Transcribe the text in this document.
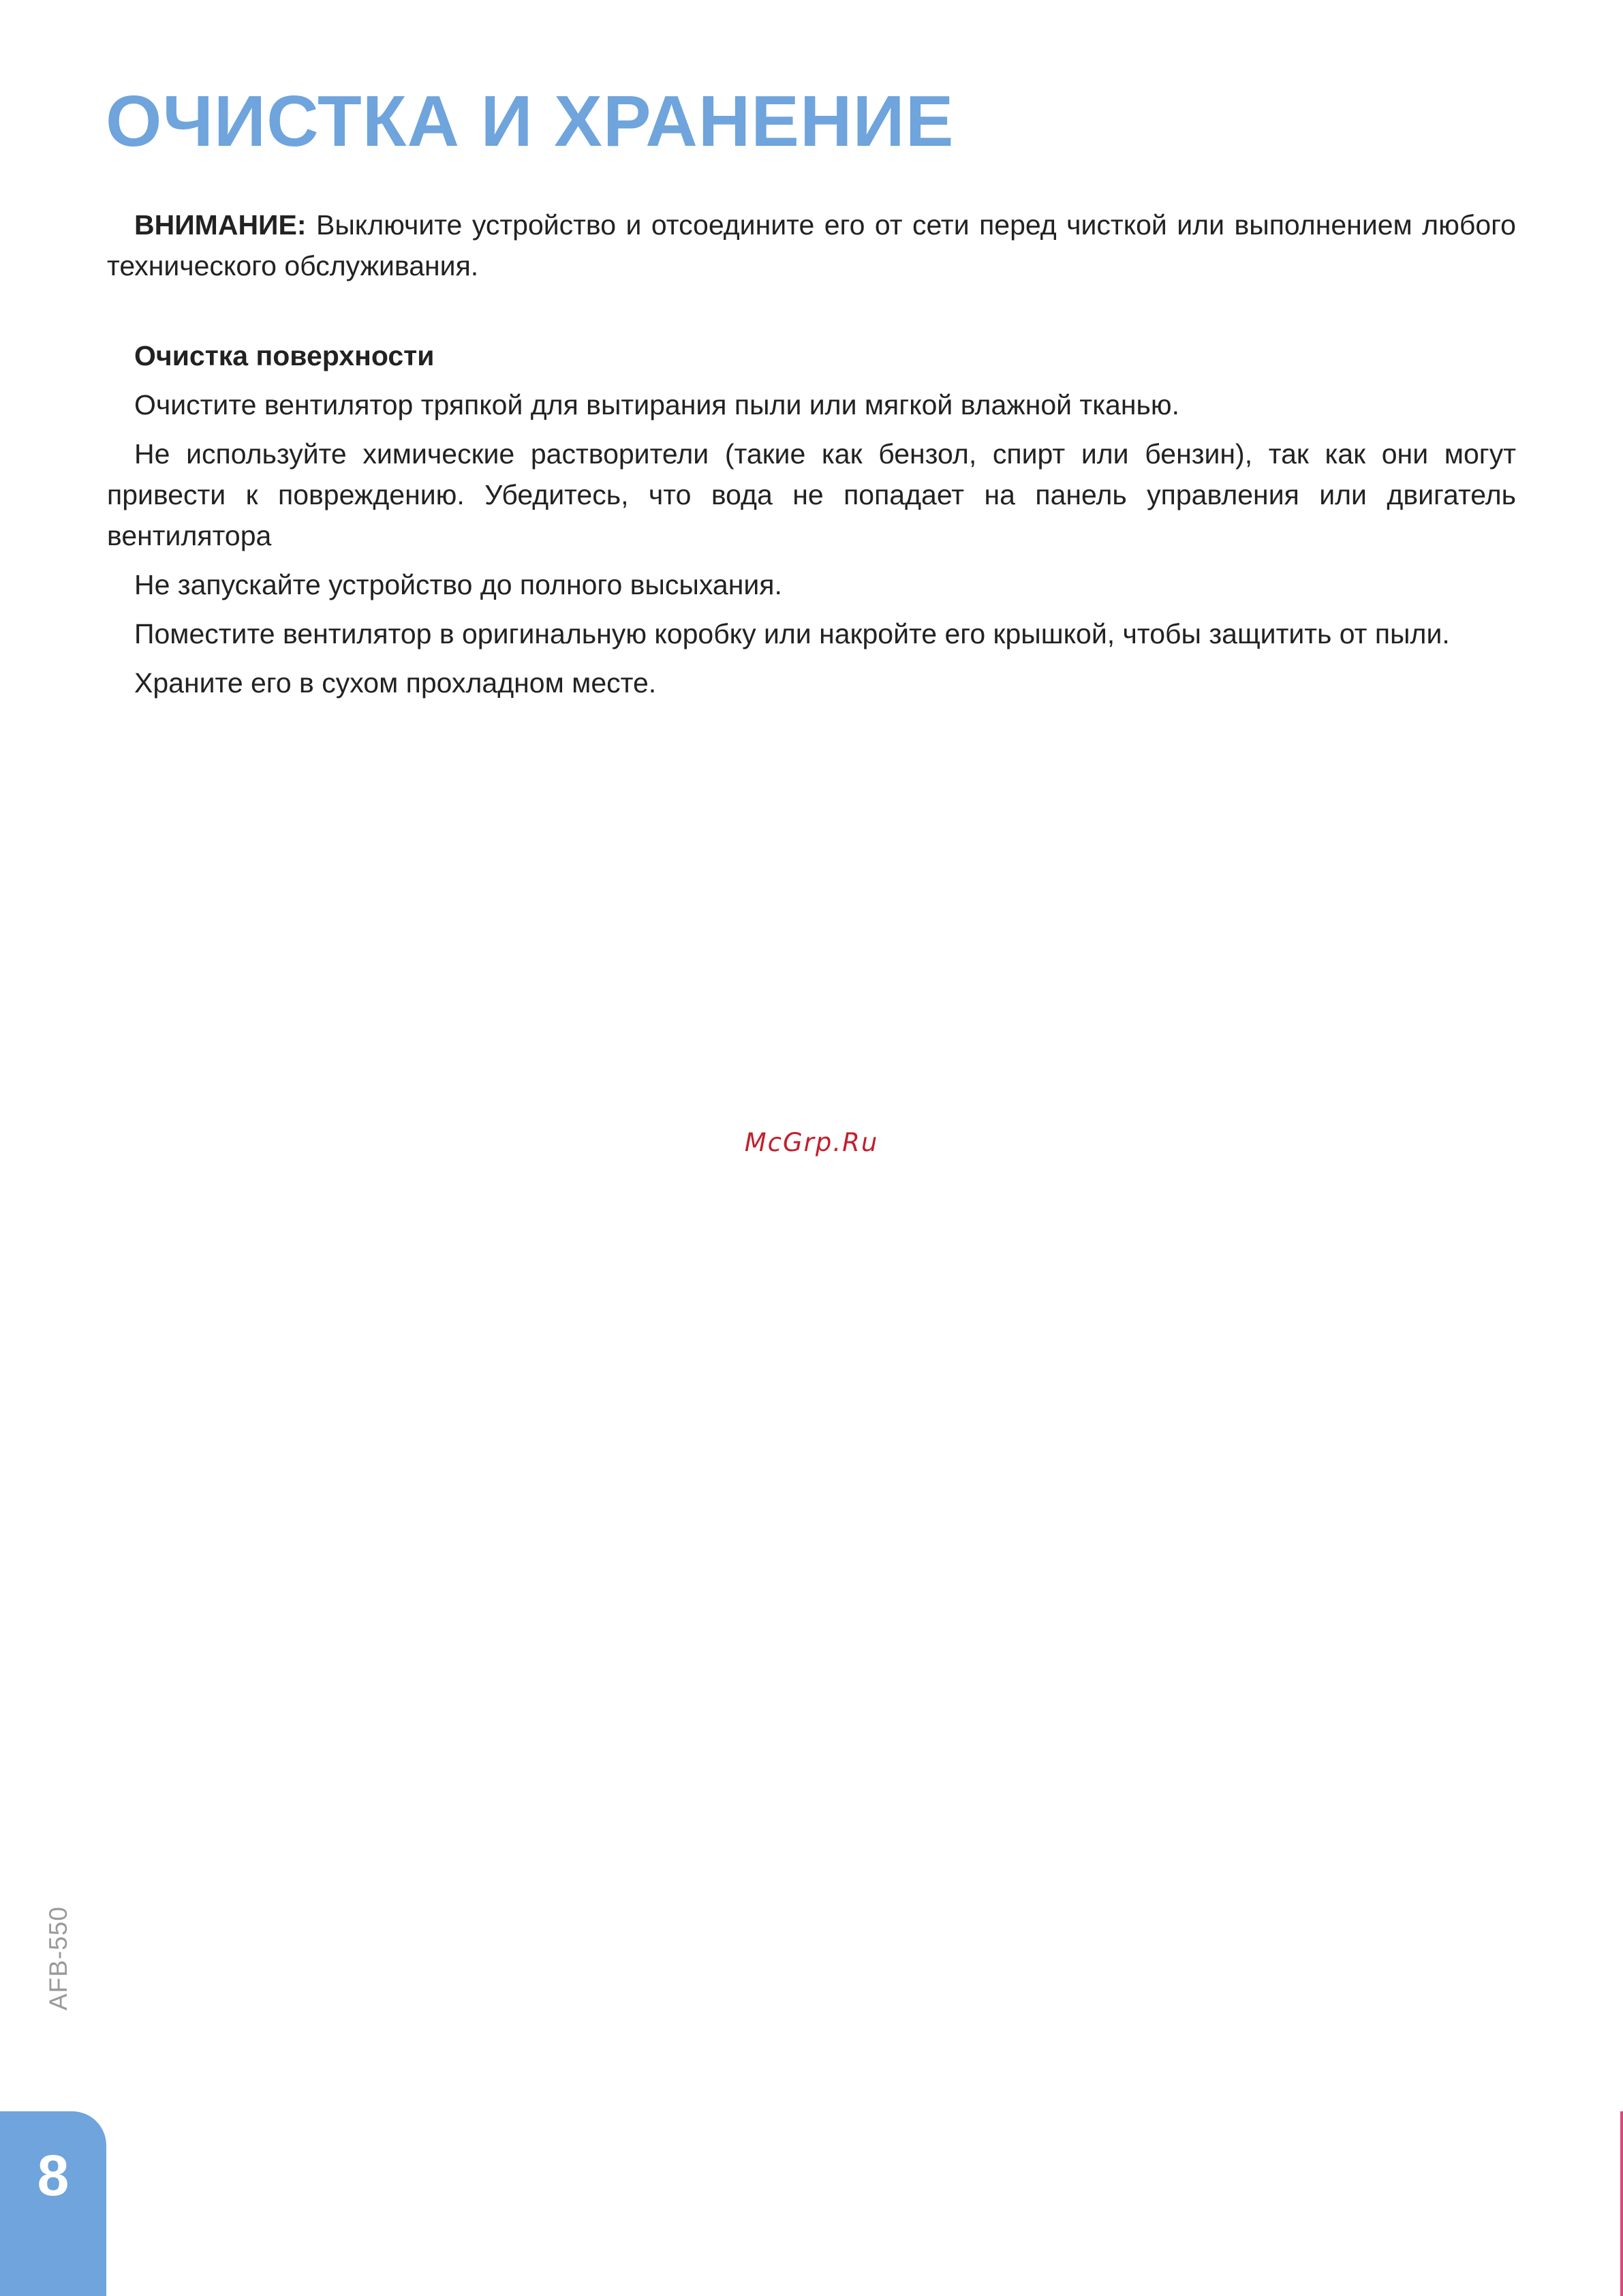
ОЧИСТКА И ХРАНЕНИЕ

ВНИМАНИЕ: Выключите устройство и отсоедините его от сети перед чисткой или выполнением любого технического обслуживания.

Очистка поверхности

Очистите вентилятор тряпкой для вытирания пыли или мягкой влажной тканью.

Не используйте химические растворители (такие как бензол, спирт или бензин), так как они могут привести к повреждению. Убедитесь, что вода не попадает на панель управления или двигатель вентилятора

Не запускайте устройство до полного высыхания.

Поместите вентилятор в оригинальную коробку или накройте его крышкой, чтобы защитить от пыли.

Храните его в сухом прохладном месте.

McGrp.Ru
AFB-550
8
